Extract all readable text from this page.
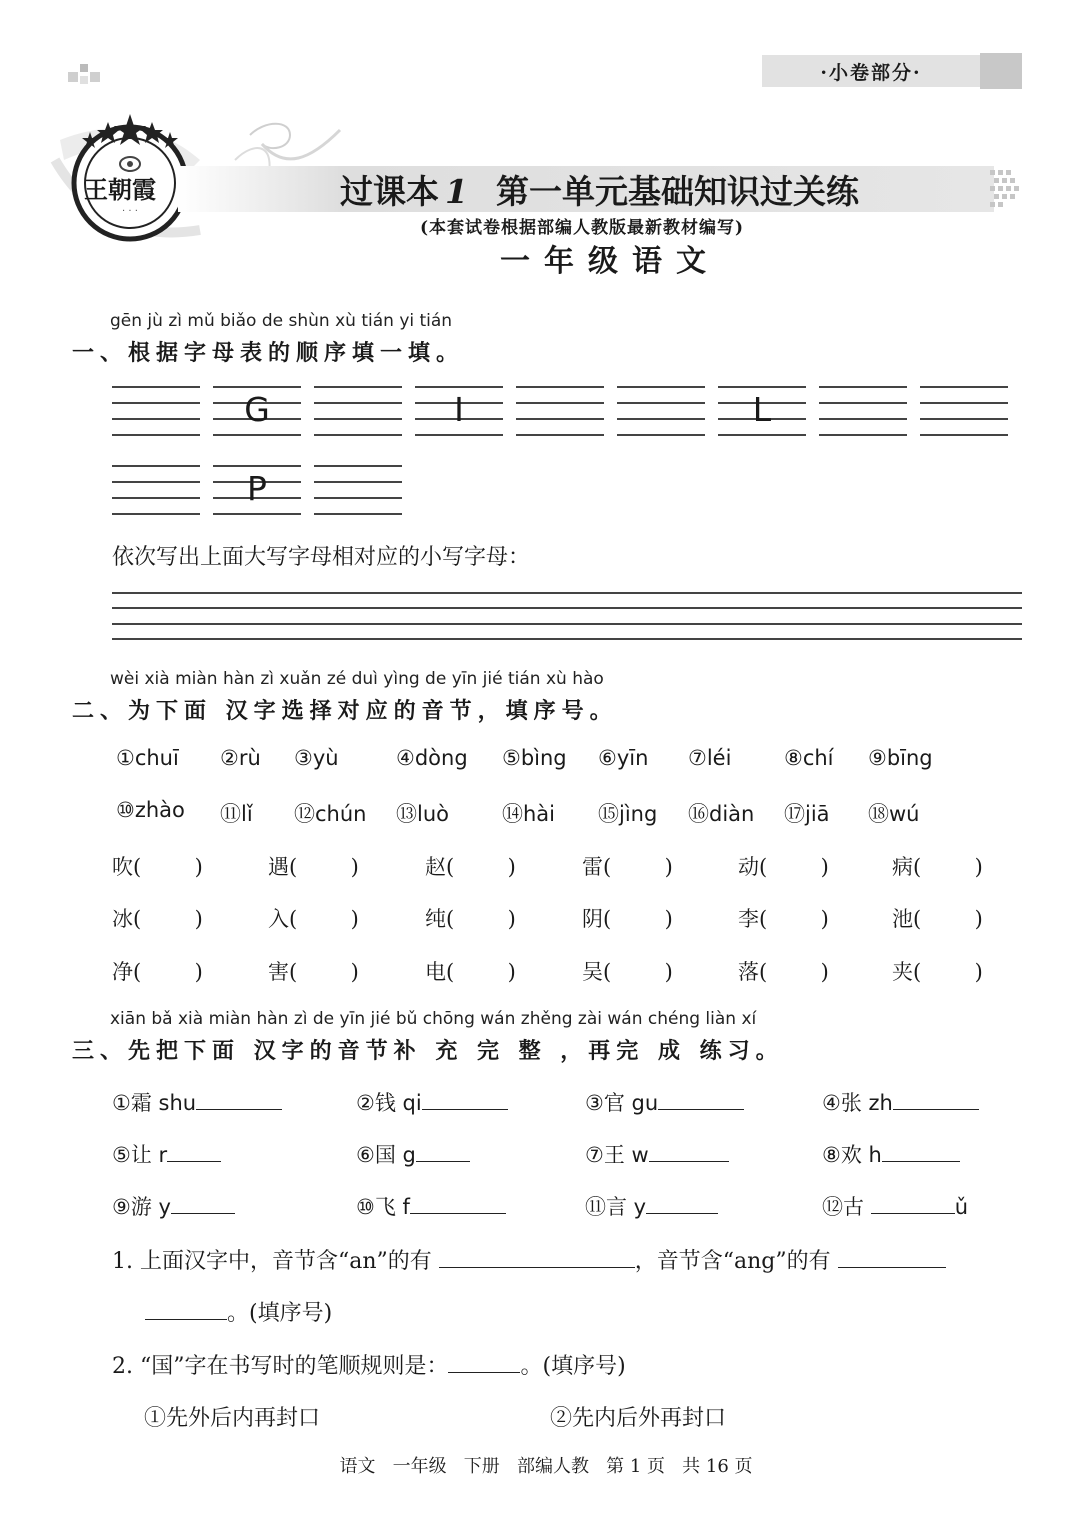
·小卷部分·
· · ·
王朝霞	过课本 1 第一单元基础知识过关练
(本套试卷根据部编人教版最新教材编写)
一年级语文
gēn jù zì mǔ biǎo de shùn xù tián yi tián
一、根据字母表的顺序填一填。
G	I	L
P
依次写出上面大写字母相对应的小写字母：
wèi xià miàn hàn zì xuǎn zé duì yìng de yīn jié tián xù hào
二、为下面 汉字选择对应的音节，填序号。
①chuī ②rù ③yù	④dòng ⑤bìng ⑥yīn ⑦léi	⑧chí ⑨bīng
⑩zhào ⑪lǐ ⑫chún ⑬luò	⑭hài ⑮jìng ⑯diàn ⑰jiā ⑱wú
吹(        )	遇(        )	赵(        )	雷(        )	动(        )	病(        )
冰(        )	入(        )	纯(        )	阴(        )	李(        )	池(        )
净(        )	害(        )	电(        )	吴(        )	落(        )	夹(        )
xiān bǎ xià miàn hàn zì de yīn jié bǔ chōng wán zhěng zài wán chéng liàn xí
三、先把下面 汉字的音节补 充 完 整 ，再完 成 练习。
①霜 shu	②钱 qi	③官 gu	④张 zh
⑤让 r	⑥国 g	⑦王 w	⑧欢 h
⑨游 y	⑩飞 f	⑪言 y	⑫古	ǔ
1. 上面汉字中，音节含“an”的有	，音节含“ang”的有
。(填序号)
2. “国”字在书写时的笔顺规则是：	。(填序号)
①先外后内再封口	②先内后外再封口
语文   一年级   下册   部编人教   第 1 页   共 16 页
